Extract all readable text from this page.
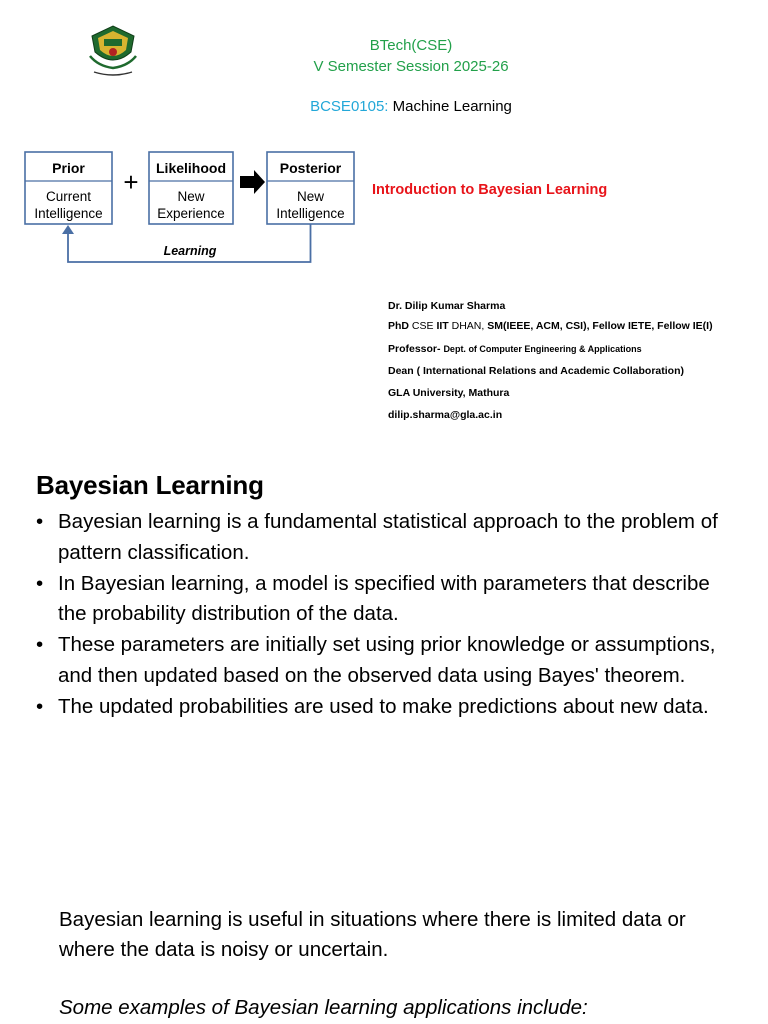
BTech(CSE)
V Semester Session 2025-26
BCSE0105: Machine Learning
Prior
Current
Intelligence
+ Likelihood
New
Experience
Posterior
New
Intelligence
Learning
Introduction to Bayesian Learning
Dr. Dilip Kumar Sharma
PhD CSE IIT DHAN, SM(IEEE, ACM, CSI), Fellow IETE, Fellow IE(I)
Professor- Dept. of Computer Engineering & Applications
Dean ( International Relations and Academic Collaboration)
GLA University, Mathura
dilip.sharma@gla.ac.in
Bayesian Learning
• Bayesian learning is a fundamental statistical approach to the problem of pattern classification.
• In Bayesian learning, a model is specified with parameters that describe the probability distribution of the data.
• These parameters are initially set using prior knowledge or assumptions, and then updated based on the observed data using Bayes' theorem.
• The updated probabilities are used to make predictions about new data.
Bayesian learning is useful in situations where there is limited data or where the data is noisy or uncertain.
Some examples of Bayesian learning applications include:
